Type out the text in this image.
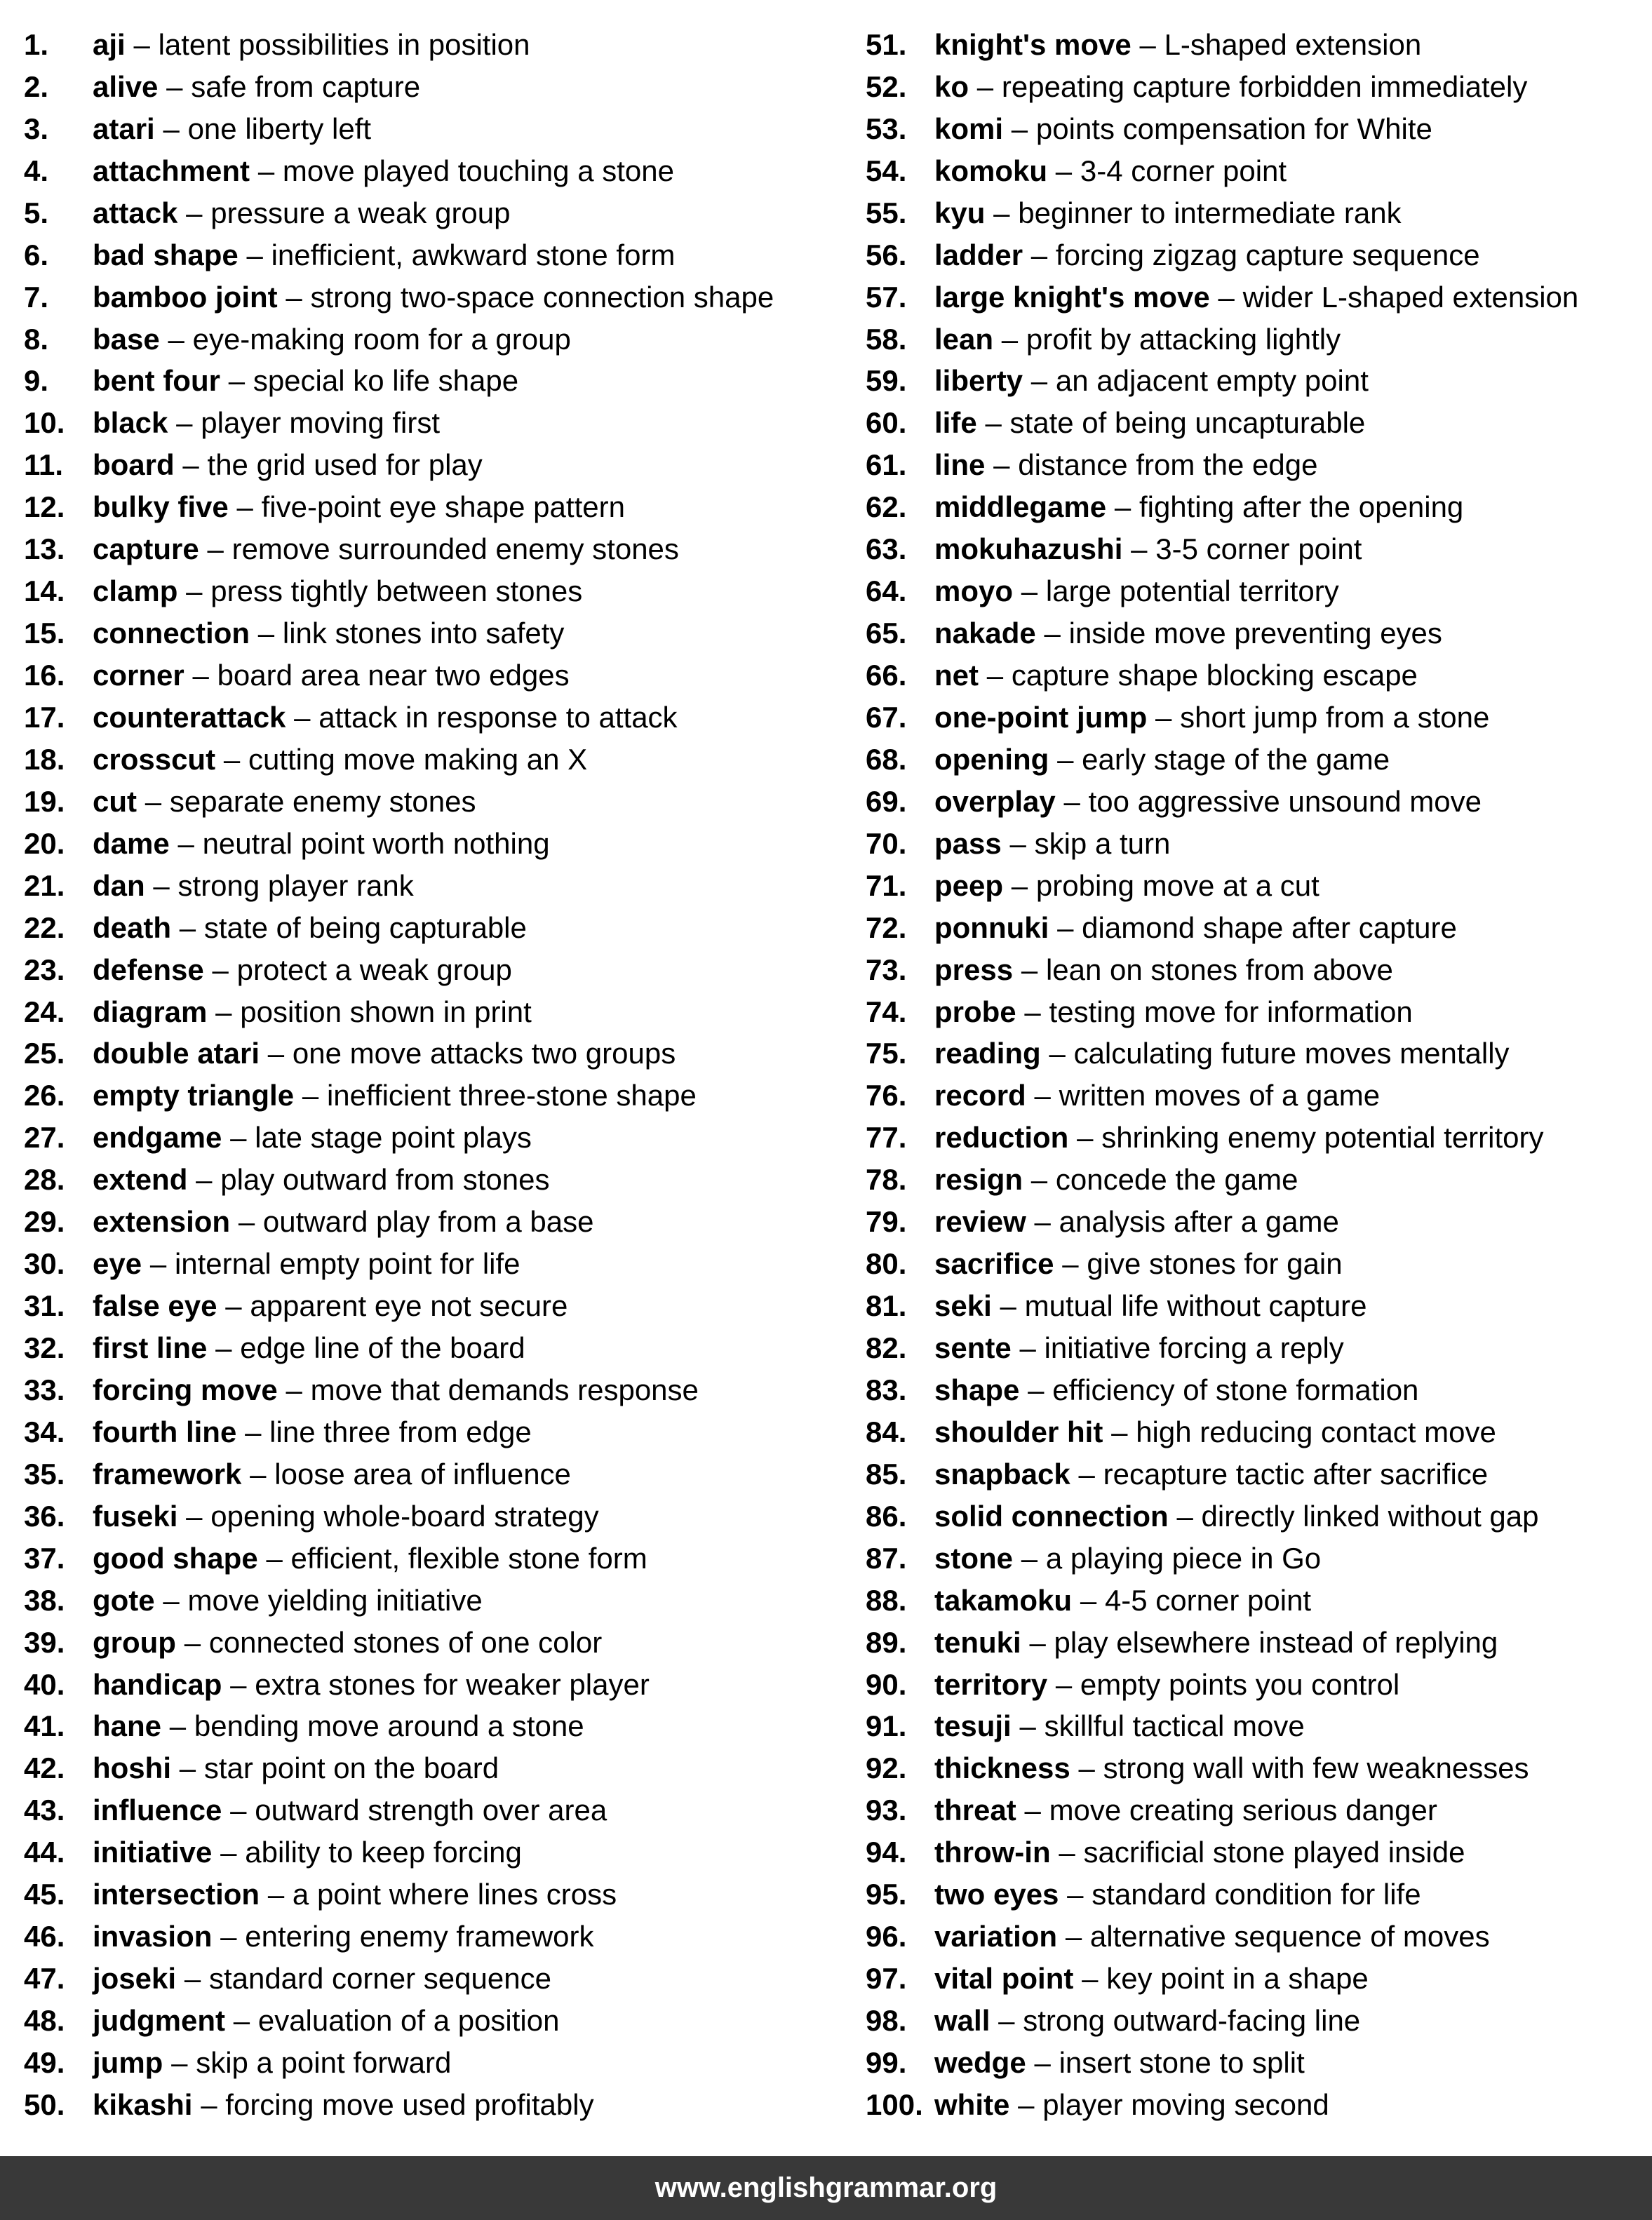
1.	aji – latent possibilities in position
2.	alive – safe from capture
3.	atari – one liberty left
4.	attachment – move played touching a stone
5.	attack – pressure a weak group
6.	bad shape – inefficient, awkward stone form
7.	bamboo joint – strong two-space connection shape
8.	base – eye-making room for a group
9.	bent four – special ko life shape
10. black – player moving first
11. board – the grid used for play
12. bulky five – five-point eye shape pattern
13. capture – remove surrounded enemy stones
14. clamp – press tightly between stones
15. connection – link stones into safety
16. corner – board area near two edges
17. counterattack – attack in response to attack
18. crosscut – cutting move making an X
19. cut – separate enemy stones
20. dame – neutral point worth nothing
21. dan – strong player rank
22. death – state of being capturable
23. defense – protect a weak group
24. diagram – position shown in print
25. double atari – one move attacks two groups
26. empty triangle – inefficient three-stone shape
27. endgame – late stage point plays
28. extend – play outward from stones
29. extension – outward play from a base
30. eye – internal empty point for life
31. false eye – apparent eye not secure
32. first line – edge line of the board
33. forcing move – move that demands response
34. fourth line – line three from edge
35. framework – loose area of influence
36. fuseki – opening whole-board strategy
37. good shape – efficient, flexible stone form
38. gote – move yielding initiative
39. group – connected stones of one color
40. handicap – extra stones for weaker player
41. hane – bending move around a stone
42. hoshi – star point on the board
43. influence – outward strength over area
44. initiative – ability to keep forcing
45. intersection – a point where lines cross
46. invasion – entering enemy framework
47. joseki – standard corner sequence
48. judgment – evaluation of a position
49. jump – skip a point forward
50. kikashi – forcing move used profitably
51. knight's move – L-shaped extension
52. ko – repeating capture forbidden immediately
53. komi – points compensation for White
54. komoku – 3-4 corner point
55. kyu – beginner to intermediate rank
56. ladder – forcing zigzag capture sequence
57. large knight's move – wider L-shaped extension
58. lean – profit by attacking lightly
59. liberty – an adjacent empty point
60. life – state of being uncapturable
61. line – distance from the edge
62. middlegame – fighting after the opening
63. mokuhazushi – 3-5 corner point
64. moyo – large potential territory
65. nakade – inside move preventing eyes
66. net – capture shape blocking escape
67. one-point jump – short jump from a stone
68. opening – early stage of the game
69. overplay – too aggressive unsound move
70. pass – skip a turn
71. peep – probing move at a cut
72. ponnuki – diamond shape after capture
73. press – lean on stones from above
74. probe – testing move for information
75. reading – calculating future moves mentally
76. record – written moves of a game
77. reduction – shrinking enemy potential territory
78. resign – concede the game
79. review – analysis after a game
80. sacrifice – give stones for gain
81. seki – mutual life without capture
82. sente – initiative forcing a reply
83. shape – efficiency of stone formation
84. shoulder hit – high reducing contact move
85. snapback – recapture tactic after sacrifice
86. solid connection – directly linked without gap
87. stone – a playing piece in Go
88. takamoku – 4-5 corner point
89. tenuki – play elsewhere instead of replying
90. territory – empty points you control
91. tesuji – skillful tactical move
92. thickness – strong wall with few weaknesses
93. threat – move creating serious danger
94. throw-in – sacrificial stone played inside
95. two eyes – standard condition for life
96. variation – alternative sequence of moves
97. vital point – key point in a shape
98. wall – strong outward-facing line
99. wedge – insert stone to split
100. white – player moving second
www.englishgrammar.org
